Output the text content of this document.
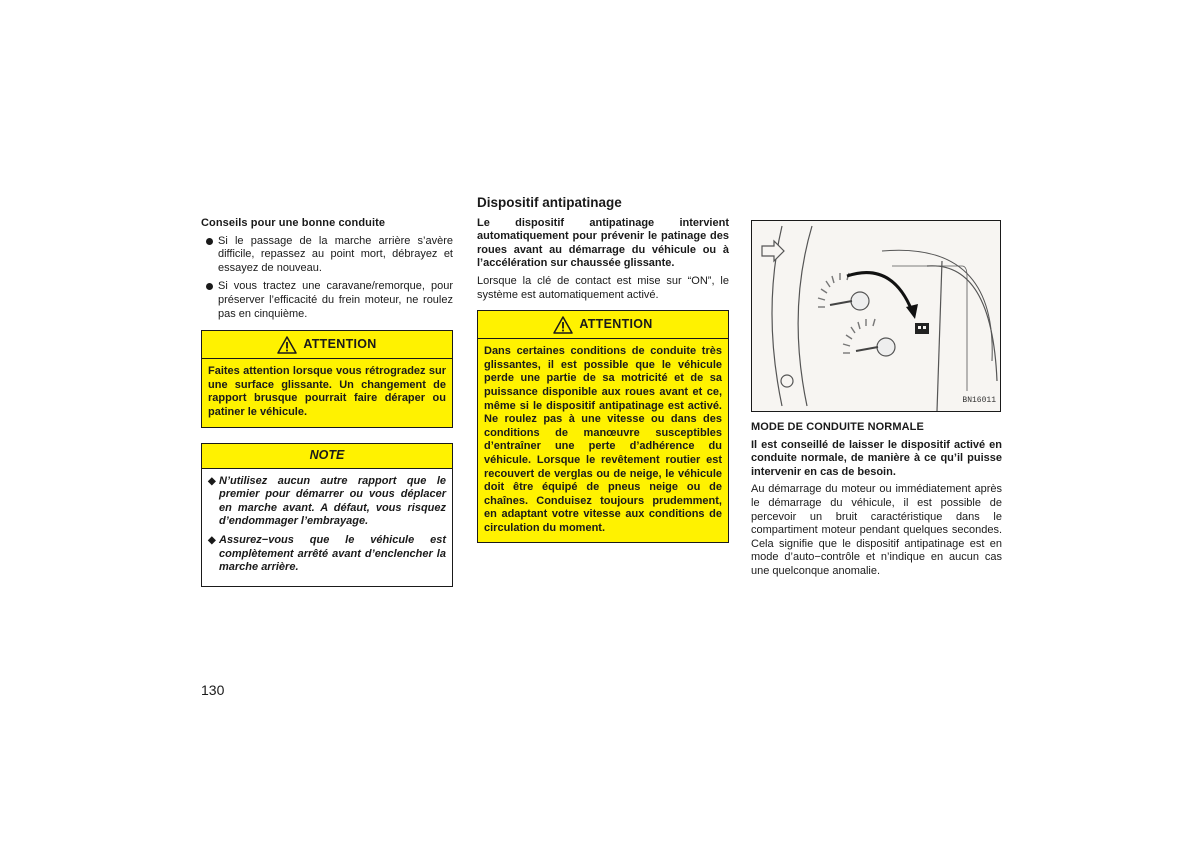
Conseils pour une bonne conduite
Si le passage de la marche arrière s’avère difficile, repassez au point mort, débrayez et essayez de nouveau.
Si vous tractez une caravane/remorque, pour préserver l’efficacité du frein moteur, ne roulez pas en cinquième.
ATTENTION
Faites attention lorsque vous rétrogradez sur une surface glissante. Un changement de rapport brusque pourrait faire déraper ou patiner le véhicule.
NOTE
◆ N’utilisez aucun autre rapport que le premier pour démarrer ou vous déplacer en marche avant. A défaut, vous risquez d’endommager l’embrayage.
◆ Assurez−vous que le véhicule est complètement arrêté avant d’enclencher la marche arrière.
Dispositif antipatinage
Le dispositif antipatinage intervient automatiquement pour prévenir le patinage des roues avant au démarrage du véhicule ou à l’accélération sur chaussée glissante.
Lorsque la clé de contact est mise sur “ON”, le système est automatiquement activé.
ATTENTION
Dans certaines conditions de conduite très glissantes, il est possible que le véhicule perde une partie de sa motricité et de sa puissance disponible aux roues avant et ce, même si le dispositif antipatinage est activé. Ne roulez pas à une vitesse ou dans des conditions de manœuvre susceptibles d’entraîner une perte d’adhérence du véhicule. Lorsque le revêtement routier est recouvert de verglas ou de neige, le véhicule doit être équipé de pneus neige ou de chaînes. Conduisez toujours prudemment, en adaptant votre vitesse aux conditions de circulation du moment.
BN16011
MODE DE CONDUITE NORMALE
Il est conseillé de laisser le dispositif activé en conduite normale, de manière à ce qu’il puisse intervenir en cas de besoin.
Au démarrage du moteur ou immédiatement après le démarrage du véhicule, il est possible de percevoir un bruit caractéristique dans le compartiment moteur pendant quelques secondes. Cela signifie que le dispositif antipatinage est en mode d’auto−contrôle et n’indique en aucun cas une quelconque anomalie.
130
